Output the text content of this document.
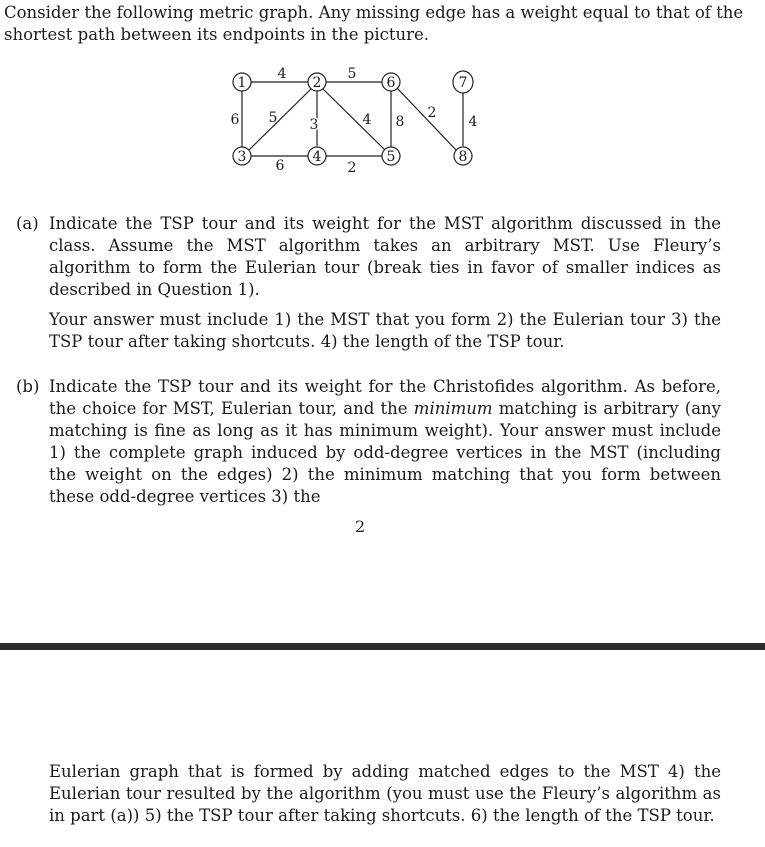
Consider the following metric graph. Any missing edge has a weight equal to that of the shortest path between its endpoints in the picture.

1	2	6	7
3	4	5	8
4	5
6 5 3
6	2
4 8
2
4
(a) Indicate the TSP tour and its weight for the MST algorithm discussed in the class. Assume the MST algorithm takes an arbitrary MST. Use Fleury’s algorithm to form the Eulerian tour (break ties in favor of smaller indices as described in Question 1).

Your answer must include 1) the MST that you form 2) the Eulerian tour 3) the TSP tour after taking shortcuts. 4) the length of the TSP tour.

(b) Indicate the TSP tour and its weight for the Christofides algorithm. As before, the choice for MST, Eulerian tour, and the minimum matching is arbitrary (any matching is fine as long as it has minimum weight). Your answer must include 1) the complete graph induced by odd-degree vertices in the MST (including the weight on the edges) 2) the minimum matching that you form between these odd-degree vertices 3) the

2

Eulerian graph that is formed by adding matched edges to the MST 4) the Eulerian tour resulted by the algorithm (you must use the Fleury’s algorithm as in part (a)) 5) the TSP tour after taking shortcuts. 6) the length of the TSP tour.
